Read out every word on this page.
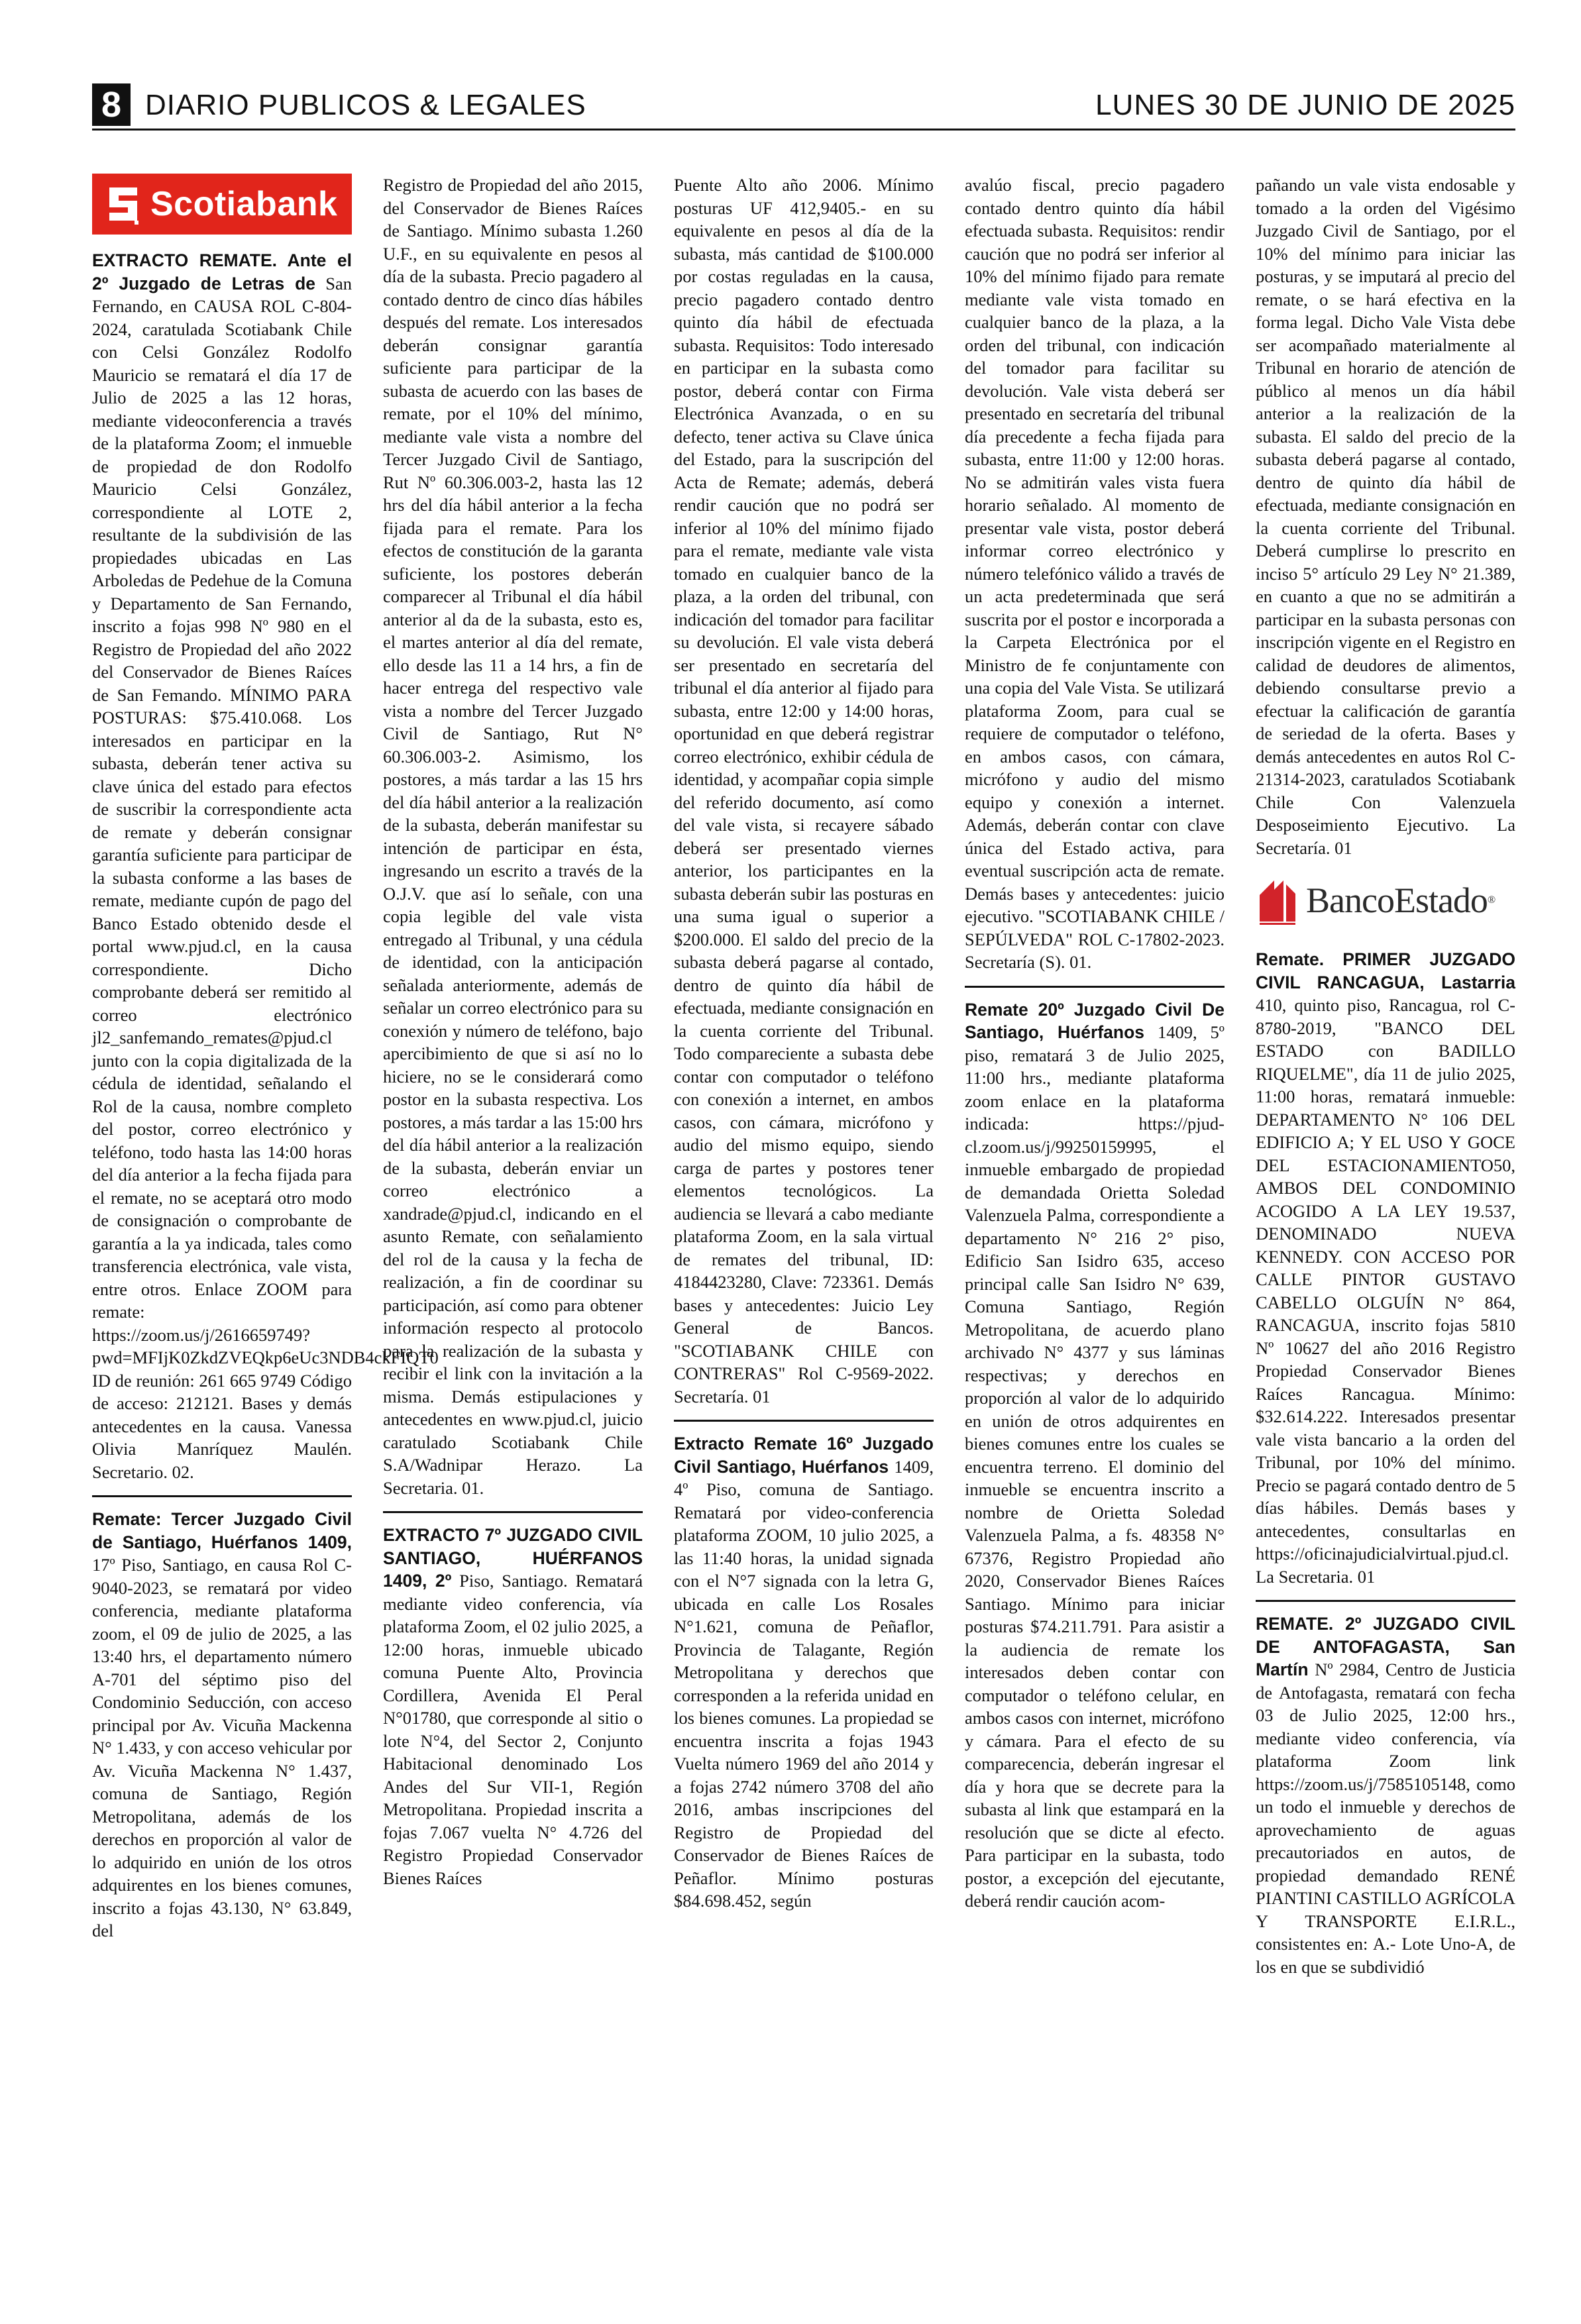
8 DIARIO PUBLICOS & LEGALES	LUNES 30 DE JUNIO DE 2025
Scotiabank

EXTRACTO REMATE. Ante el 2º Juzgado de Letras de San Fernando, en CAUSA ROL C-804-2024, caratulada Scotiabank Chile con Celsi González Rodolfo Mauricio se rematará el día 17 de Julio de 2025 a las 12 horas, mediante videoconferencia a través de la plataforma Zoom; el inmueble de propiedad de don Rodolfo Mauricio Celsi González, correspondiente al LOTE 2, resultante de la subdivisión de las propiedades ubicadas en Las Arboledas de Pedehue de la Comuna y Departamento de San Fernando, inscrito a fojas 998 Nº 980 en el Registro de Propiedad del año 2022 del Conservador de Bienes Raíces de San Femando. MÍNIMO PARA POSTURAS: $75.410.068. Los interesados en participar en la subasta, deberán tener activa su clave única del estado para efectos de suscribir la correspondiente acta de remate y deberán consignar garantía suficiente para participar de la subasta conforme a las bases de remate, mediante cupón de pago del Banco Estado obtenido desde el portal www.pjud.cl, en la causa correspondiente. Dicho comprobante deberá ser remitido al correo electrónico jl2_sanfemando_remates@pjud.cl junto con la copia digitalizada de la cédula de identidad, señalando el Rol de la causa, nombre completo del postor, correo electrónico y teléfono, todo hasta las 14:00 horas del día anterior a la fecha fijada para el remate, no se aceptará otro modo de consignación o comprobante de garantía a la ya indicada, tales como transferencia electrónica, vale vista, entre otros. Enlace ZOOM para remate: https://zoom.us/j/2616659749?pwd=MFIjK0ZkdZVEQkp6eUc3NDB4ckFIQT0 ID de reunión: 261 665 9749 Código de acceso: 212121. Bases y demás antecedentes en la causa. Vanessa Olivia Manríquez Maulén. Secretario. 02.

Remate: Tercer Juzgado Civil de Santiago, Huérfanos 1409, 17º Piso, Santiago, en causa Rol C-9040-2023, se rematará por video conferencia, mediante plataforma zoom, el 09 de julio de 2025, a las 13:40 hrs, el departamento número A-701 del séptimo piso del Condominio Seducción, con acceso principal por Av. Vicuña Mackenna N° 1.433, y con acceso vehicular por Av. Vicuña Mackenna N° 1.437, comuna de Santiago, Región Metropolitana, además de los derechos en proporción al valor de lo adquirido en unión de los otros adquirentes en los bienes comunes, inscrito a fojas 43.130, N° 63.849, del

Registro de Propiedad del año 2015, del Conservador de Bienes Raíces de Santiago. Mínimo subasta 1.260 U.F., en su equivalente en pesos al día de la subasta. Precio pagadero al contado dentro de cinco días hábiles después del remate. Los interesados deberán consignar garantía suficiente para participar de la subasta de acuerdo con las bases de remate, por el 10% del mínimo, mediante vale vista a nombre del Tercer Juzgado Civil de Santiago, Rut Nº 60.306.003-2, hasta las 12 hrs del día hábil anterior a la fecha fijada para el remate. Para los efectos de constitución de la garanta suficiente, los postores deberán comparecer al Tribunal el día hábil anterior al da de la subasta, esto es, el martes anterior al día del remate, ello desde las 11 a 14 hrs, a fin de hacer entrega del respectivo vale vista a nombre del Tercer Juzgado Civil de Santiago, Rut N° 60.306.003-2. Asimismo, los postores, a más tardar a las 15 hrs del día hábil anterior a la realización de la subasta, deberán manifestar su intención de participar en ésta, ingresando un escrito a través de la O.J.V. que así lo señale, con una copia legible del vale vista entregado al Tribunal, y una cédula de identidad, con la anticipación señalada anteriormente, además de señalar un correo electrónico para su conexión y número de teléfono, bajo apercibimiento de que si así no lo hiciere, no se le considerará como postor en la subasta respectiva. Los postores, a más tardar a las 15:00 hrs del día hábil anterior a la realización de la subasta, deberán enviar un correo electrónico a xandrade@pjud.cl, indicando en el asunto Remate, con señalamiento del rol de la causa y la fecha de realización, a fin de coordinar su participación, así como para obtener información respecto al protocolo para la realización de la subasta y recibir el link con la invitación a la misma. Demás estipulaciones y antecedentes en www.pjud.cl, juicio caratulado Scotiabank Chile S.A/Wadnipar Herazo. La Secretaria. 01.

EXTRACTO 7º JUZGADO CIVIL SANTIAGO, HUÉRFANOS 1409, 2º Piso, Santiago. Rematará mediante video conferencia, vía plataforma Zoom, el 02 julio 2025, a 12:00 horas, inmueble ubicado comuna Puente Alto, Provincia Cordillera, Avenida El Peral N°01780, que corresponde al sitio o lote N°4, del Sector 2, Conjunto Habitacional denominado Los Andes del Sur VII-1, Región Metropolitana. Propiedad inscrita a fojas 7.067 vuelta N° 4.726 del Registro Propiedad Conservador Bienes Raíces

Puente Alto año 2006. Mínimo posturas UF 412,9405.- en su equivalente en pesos al día de la subasta, más cantidad de $100.000 por costas reguladas en la causa, precio pagadero contado dentro quinto día hábil de efectuada subasta. Requisitos: Todo interesado en participar en la subasta como postor, deberá contar con Firma Electrónica Avanzada, o en su defecto, tener activa su Clave única del Estado, para la suscripción del Acta de Remate; además, deberá rendir caución que no podrá ser inferior al 10% del mínimo fijado para el remate, mediante vale vista tomado en cualquier banco de la plaza, a la orden del tribunal, con indicación del tomador para facilitar su devolución. El vale vista deberá ser presentado en secretaría del tribunal el día anterior al fijado para subasta, entre 12:00 y 14:00 horas, oportunidad en que deberá registrar correo electrónico, exhibir cédula de identidad, y acompañar copia simple del referido documento, así como del vale vista, si recayere sábado deberá ser presentado viernes anterior, los participantes en la subasta deberán subir las posturas en una suma igual o superior a $200.000. El saldo del precio de la subasta deberá pagarse al contado, dentro de quinto día hábil de efectuada, mediante consignación en la cuenta corriente del Tribunal. Todo compareciente a subasta debe contar con computador o teléfono con conexión a internet, en ambos casos, con cámara, micrófono y audio del mismo equipo, siendo carga de partes y postores tener elementos tecnológicos. La audiencia se llevará a cabo mediante plataforma Zoom, en la sala virtual de remates del tribunal, ID: 4184423280, Clave: 723361. Demás bases y antecedentes: Juicio Ley General de Bancos. "SCOTIABANK CHILE con CONTRERAS" Rol C-9569-2022. Secretaría. 01

Extracto Remate 16º Juzgado Civil Santiago, Huérfanos 1409, 4º Piso, comuna de Santiago. Rematará por video-conferencia plataforma ZOOM, 10 julio 2025, a las 11:40 horas, la unidad signada con el N°7 signada con la letra G, ubicada en calle Los Rosales N°1.621, comuna de Peñaflor, Provincia de Talagante, Región Metropolitana y derechos que corresponden a la referida unidad en los bienes comunes. La propiedad se encuentra inscrita a fojas 1943 Vuelta número 1969 del año 2014 y a fojas 2742 número 3708 del año 2016, ambas inscripciones del Registro de Propiedad del Conservador de Bienes Raíces de Peñaflor. Mínimo posturas $84.698.452, según

avalúo fiscal, precio pagadero contado dentro quinto día hábil efectuada subasta. Requisitos: rendir caución que no podrá ser inferior al 10% del mínimo fijado para remate mediante vale vista tomado en cualquier banco de la plaza, a la orden del tribunal, con indicación del tomador para facilitar su devolución. Vale vista deberá ser presentado en secretaría del tribunal día precedente a fecha fijada para subasta, entre 11:00 y 12:00 horas. No se admitirán vales vista fuera horario señalado. Al momento de presentar vale vista, postor deberá informar correo electrónico y número telefónico válido a través de un acta predeterminada que será suscrita por el postor e incorporada a la Carpeta Electrónica por el Ministro de fe conjuntamente con una copia del Vale Vista. Se utilizará plataforma Zoom, para cual se requiere de computador o teléfono, en ambos casos, con cámara, micrófono y audio del mismo equipo y conexión a internet. Además, deberán contar con clave única del Estado activa, para eventual suscripción acta de remate. Demás bases y antecedentes: juicio ejecutivo. "SCOTIABANK CHILE / SEPÚLVEDA" ROL C-17802-2023. Secretaría (S). 01.

Remate 20º Juzgado Civil De Santiago, Huérfanos 1409, 5º piso, rematará 3 de Julio 2025, 11:00 hrs., mediante plataforma zoom enlace en la plataforma indicada: https://pjud-cl.zoom.us/j/99250159995, el inmueble embargado de propiedad de demandada Orietta Soledad Valenzuela Palma, correspondiente a departamento N° 216 2° piso, Edificio San Isidro 635, acceso principal calle San Isidro N° 639, Comuna Santiago, Región Metropolitana, de acuerdo plano archivado N° 4377 y sus láminas respectivas; y derechos en proporción al valor de lo adquirido en unión de otros adquirentes en bienes comunes entre los cuales se encuentra terreno. El dominio del inmueble se encuentra inscrito a nombre de Orietta Soledad Valenzuela Palma, a fs. 48358 N° 67376, Registro Propiedad año 2020, Conservador Bienes Raíces Santiago. Mínimo para iniciar posturas $74.211.791. Para asistir a la audiencia de remate los interesados deben contar con computador o teléfono celular, en ambos casos con internet, micrófono y cámara. Para el efecto de su comparecencia, deberán ingresar el día y hora que se decrete para la subasta al link que estampará en la resolución que se dicte al efecto. Para participar en la subasta, todo postor, a excepción del ejecutante, deberá rendir caución acom-

pañando un vale vista endosable y tomado a la orden del Vigésimo Juzgado Civil de Santiago, por el 10% del mínimo para iniciar las posturas, y se imputará al precio del remate, o se hará efectiva en la forma legal. Dicho Vale Vista debe ser acompañado materialmente al Tribunal en horario de atención de público al menos un día hábil anterior a la realización de la subasta. El saldo del precio de la subasta deberá pagarse al contado, dentro de quinto día hábil de efectuada, mediante consignación en la cuenta corriente del Tribunal. Deberá cumplirse lo prescrito en inciso 5° artículo 29 Ley N° 21.389, en cuanto a que no se admitirán a participar en la subasta personas con inscripción vigente en el Registro en calidad de deudores de alimentos, debiendo consultarse previo a efectuar la calificación de garantía de seriedad de la oferta. Bases y demás antecedentes en autos Rol C-21314-2023, caratulados Scotiabank Chile Con Valenzuela Desposeimiento Ejecutivo. La Secretaría. 01

BancoEstado ®

Remate. PRIMER JUZGADO CIVIL RANCAGUA, Lastarria 410, quinto piso, Rancagua, rol C-8780-2019, "BANCO DEL ESTADO con BADILLO RIQUELME", día 11 de julio 2025, 11:00 horas, rematará inmueble: DEPARTAMENTO N° 106 DEL EDIFICIO A; Y EL USO Y GOCE DEL ESTACIONAMIENTO50, AMBOS DEL CONDOMINIO ACOGIDO A LA LEY 19.537, DENOMINADO NUEVA KENNEDY. CON ACCESO POR CALLE PINTOR GUSTAVO CABELLO OLGUÍN N° 864, RANCAGUA, inscrito fojas 5810 Nº 10627 del año 2016 Registro Propiedad Conservador Bienes Raíces Rancagua. Mínimo: $32.614.222. Interesados presentar vale vista bancario a la orden del Tribunal, por 10% del mínimo. Precio se pagará contado dentro de 5 días hábiles. Demás bases y antecedentes, consultarlas en https://oficinajudicialvirtual.pjud.cl. La Secretaria. 01

REMATE. 2º JUZGADO CIVIL DE ANTOFAGASTA, San Martín Nº 2984, Centro de Justicia de Antofagasta, rematará con fecha 03 de Julio 2025, 12:00 hrs., mediante video conferencia, vía plataforma Zoom link https://zoom.us/j/7585105148, como un todo el inmueble y derechos de aprovechamiento de aguas precautoriados en autos, de propiedad demandado RENÉ PIANTINI CASTILLO AGRÍCOLA Y TRANSPORTE E.I.R.L., consistentes en: A.- Lote Uno-A, de los en que se subdividió
